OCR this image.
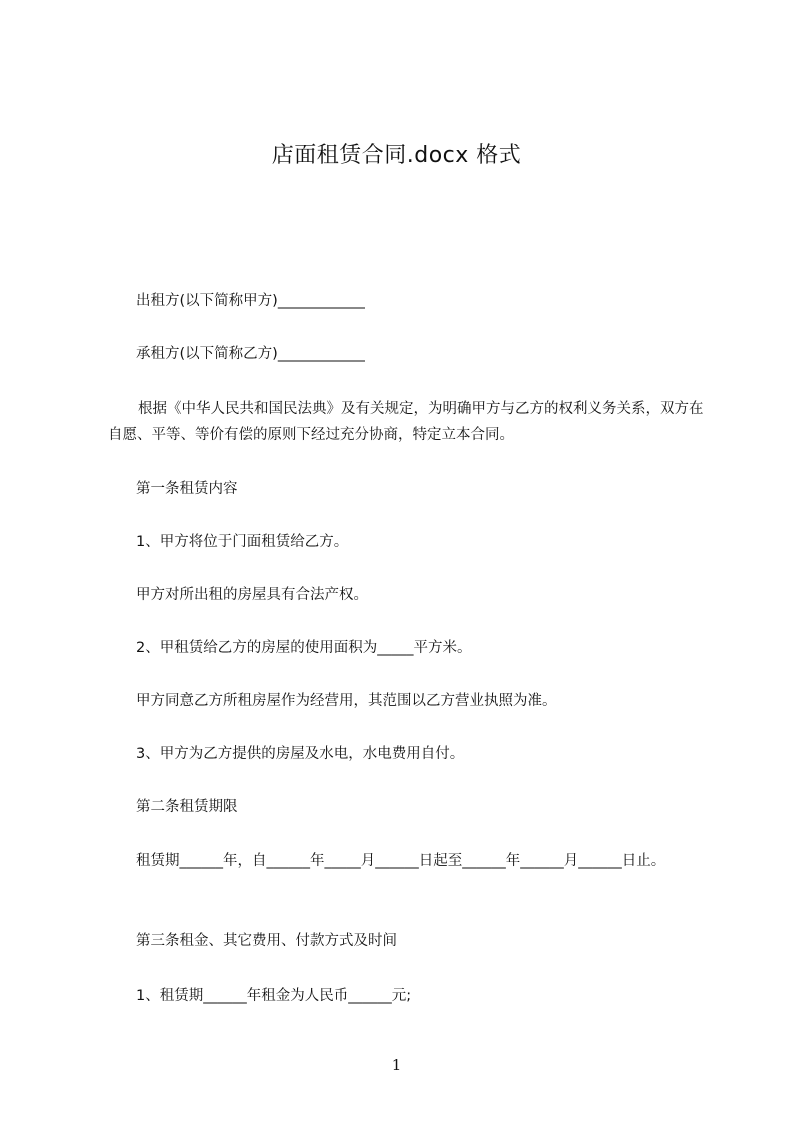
店面租赁合同.docx 格式
出租方(以下简称甲方)____________
承租方(以下简称乙方)____________
根据《中华人民共和国民法典》及有关规定，为明确甲方与乙方的权利义务关系，双方在自愿、平等、等价有偿的原则下经过充分协商，特定立本合同。
第一条租赁内容
1、甲方将位于门面租赁给乙方。
甲方对所出租的房屋具有合法产权。
2、甲租赁给乙方的房屋的使用面积为_____平方米。
甲方同意乙方所租房屋作为经营用，其范围以乙方营业执照为准。
3、甲方为乙方提供的房屋及水电，水电费用自付。
第二条租赁期限
租赁期______年，自______年_____月______日起至______年______月______日止。
第三条租金、其它费用、付款方式及时间
1、租赁期______年租金为人民币______元;
1
